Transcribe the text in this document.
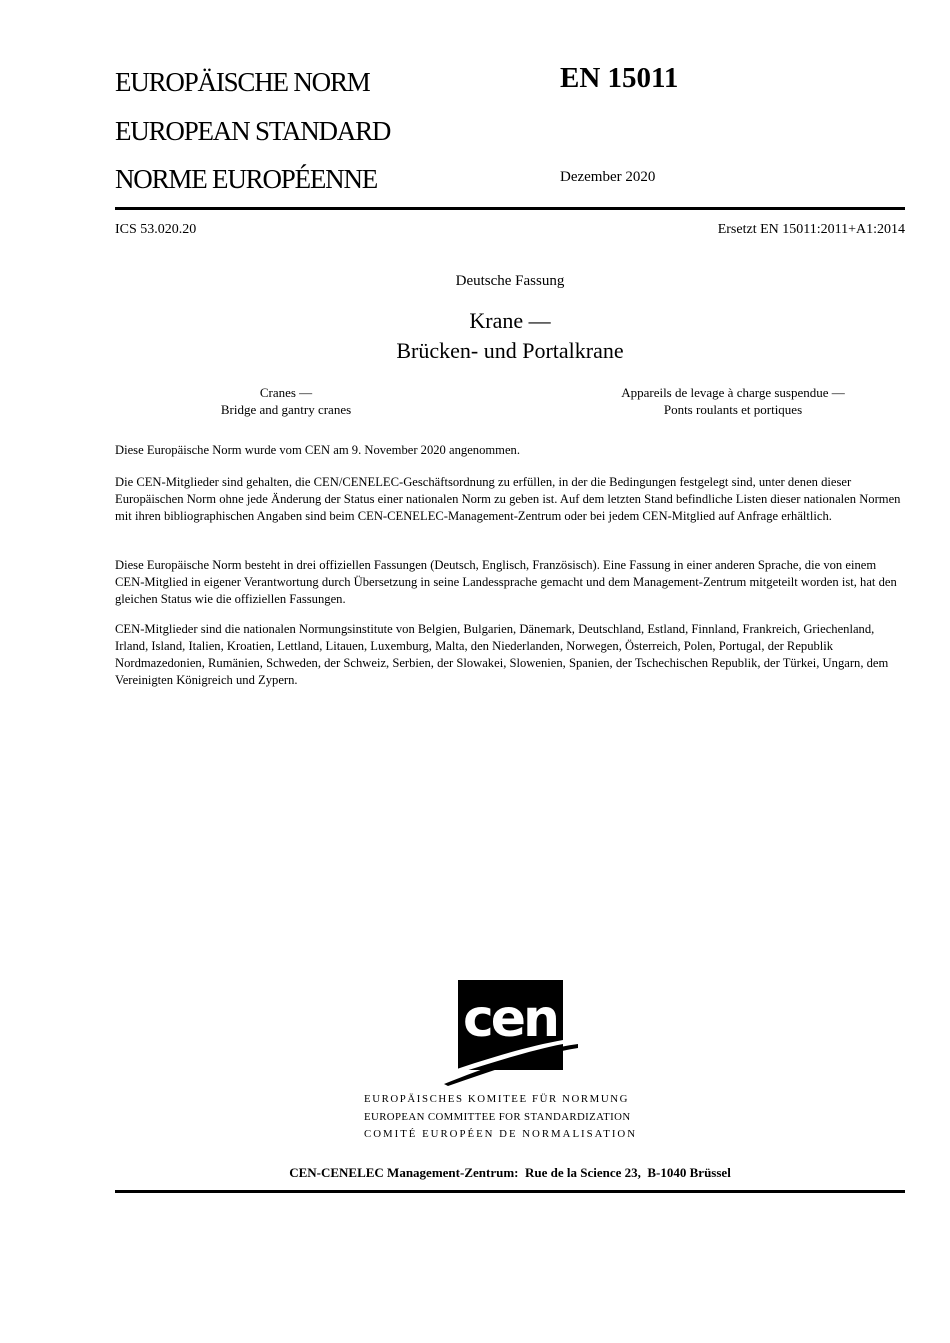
EUROPÄISCHE NORM
EUROPEAN STANDARD
NORME EUROPÉENNE
EN 15011
Dezember 2020
ICS 53.020.20	Ersetzt EN 15011:2011+A1:2014
Deutsche Fassung
Krane —
Brücken- und Portalkrane
Cranes —
Bridge and gantry cranes
Appareils de levage à charge suspendue —
Ponts roulants et portiques
Diese Europäische Norm wurde vom CEN am 9. November 2020 angenommen.
Die CEN-Mitglieder sind gehalten, die CEN/CENELEC-Geschäftsordnung zu erfüllen, in der die Bedingungen festgelegt sind, unter denen dieser Europäischen Norm ohne jede Änderung der Status einer nationalen Norm zu geben ist. Auf dem letzten Stand befindliche Listen dieser nationalen Normen mit ihren bibliographischen Angaben sind beim CEN-CENELEC-Management-Zentrum oder bei jedem CEN-Mitglied auf Anfrage erhältlich.
Diese Europäische Norm besteht in drei offiziellen Fassungen (Deutsch, Englisch, Französisch). Eine Fassung in einer anderen Sprache, die von einem CEN-Mitglied in eigener Verantwortung durch Übersetzung in seine Landessprache gemacht und dem Management-Zentrum mitgeteilt worden ist, hat den gleichen Status wie die offiziellen Fassungen.
CEN-Mitglieder sind die nationalen Normungsinstitute von Belgien, Bulgarien, Dänemark, Deutschland, Estland, Finnland, Frankreich, Griechenland, Irland, Island, Italien, Kroatien, Lettland, Litauen, Luxemburg, Malta, den Niederlanden, Norwegen, Österreich, Polen, Portugal, der Republik Nordmazedonien, Rumänien, Schweden, der Schweiz, Serbien, der Slowakei, Slowenien, Spanien, der Tschechischen Republik, der Türkei, Ungarn, dem Vereinigten Königreich und Zypern.
cen
EUROPÄISCHES KOMITEE FÜR NORMUNG
EUROPEAN COMMITTEE FOR STANDARDIZATION
COMITÉ EUROPÉEN DE NORMALISATION
CEN-CENELEC Management-Zentrum:  Rue de la Science 23,  B-1040 Brüssel
